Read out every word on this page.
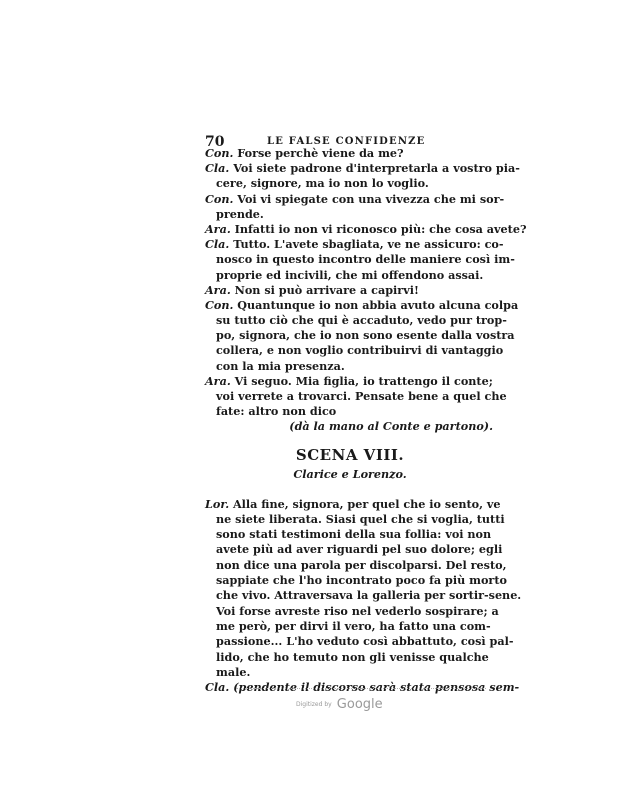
70	LE FALSE CONFIDENZE
Con. Forse perchè viene da me?
Cla. Voi siete padrone d'interpretarla a vostro pia-
cere, signore, ma io non lo voglio.
Con. Voi vi spiegate con una vivezza che mi sor-
prende.
Ara. Infatti io non vi riconosco più: che cosa avete?
Cla. Tutto. L'avete sbagliata, ve ne assicuro: co-
nosco in questo incontro delle maniere così im-
proprie ed incivili, che mi offendono assai.
Ara. Non si può arrivare a capirvi!
Con. Quantunque io non abbia avuto alcuna colpa
su tutto ciò che qui è accaduto, vedo pur trop-
po, signora, che io non sono esente dalla vostra
collera, e non voglio contribuirvi di vantaggio
con la mia presenza.
Ara. Vi seguo. Mia figlia, io trattengo il conte;
voi verrete a trovarci. Pensate bene a quel che
fate: altro non dico
(dà la mano al Conte e partono).
SCENA VIII.
Clarice e Lorenzo.
Lor. Alla fine, signora, per quel che io sento, ve
ne siete liberata. Siasi quel che si voglia, tutti
sono stati testimoni della sua follia: voi non
avete più ad aver riguardi pel suo dolore; egli
non dice una parola per discolparsi. Del resto,
sappiate che l'ho incontrato poco fa più morto
che vivo. Attraversava la galleria per sortir-sene.
Voi forse avreste riso nel vederlo sospirare; a
me però, per dirvi il vero, ha fatto una com-
passione... L'ho veduto così abbattuto, così pal-
lido, che ho temuto non gli venisse qualche
male.
Cla. (pendente il discorso sarà stata pensosa sem-
Digitized by Google
